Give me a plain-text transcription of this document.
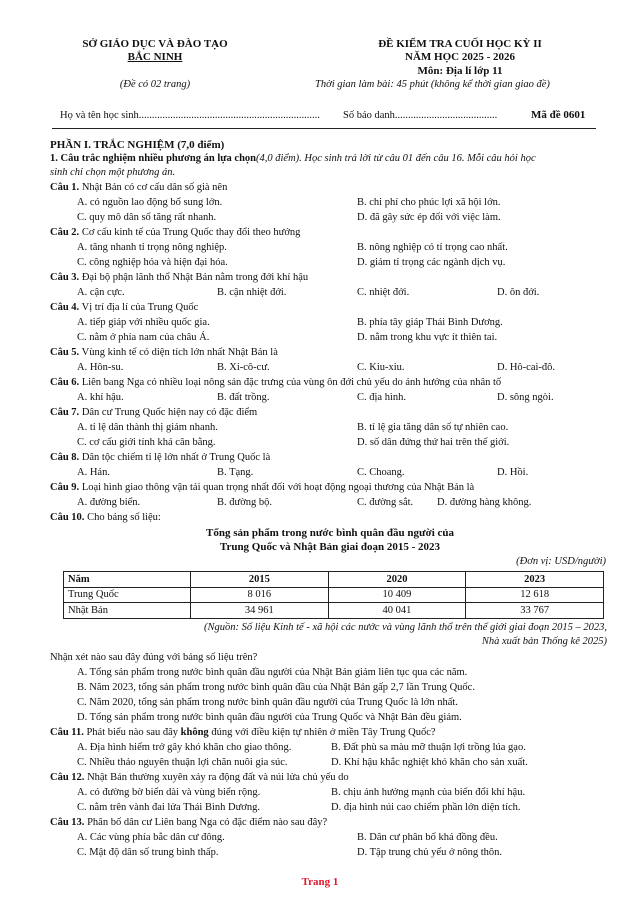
SỞ GIÁO DỤC VÀ ĐÀO TẠO
BẮC NINH
(Đề có 02 trang)
ĐỀ KIỂM TRA CUỐI HỌC KỲ II
NĂM HỌC 2025 - 2026
Môn: Địa lí lớp 11
Thời gian làm bài: 45 phút (không kể thời gian giao đề)
Họ và tên học sinh..................................................................... Số báo danh.......................................	Mã đề 0601
PHẦN I. TRẮC NGHIỆM (7,0 điểm)
1. Câu trắc nghiệm nhiều phương án lựa chọn(4,0 điểm). Học sinh trả lời từ câu 01 đến câu 16. Mỗi câu hỏi học
sinh chỉ chọn một phương án.
Câu 1. Nhật Bản có cơ cấu dân số già nên
A. có nguồn lao động bổ sung lớn.	B. chi phí cho phúc lợi xã hội lớn.
C. quy mô dân số tăng rất nhanh.	D. đã gây sức ép đối với việc làm.
Câu 2. Cơ cấu kinh tế của Trung Quốc thay đổi theo hướng
A. tăng nhanh tỉ trọng nông nghiệp.	B. nông nghiệp có tỉ trọng cao nhất.
C. công nghiệp hóa và hiện đại hóa.	D. giảm tỉ trọng các ngành dịch vụ.
Câu 3. Đại bộ phận lãnh thổ Nhật Bản nằm trong đới khí hậu
A. cận cực.	B. cận nhiệt đới.	C. nhiệt đới.	D. ôn đới.
Câu 4. Vị trí địa lí của Trung Quốc
A. tiếp giáp với nhiều quốc gia.	B. phía tây giáp Thái Bình Dương.
C. nằm ở phía nam của châu Á.	D. nằm trong khu vực ít thiên tai.
Câu 5. Vùng kinh tế có diện tích lớn nhất Nhật Bản là
A. Hôn-su.	B. Xi-cô-cư.	C. Kiu-xiu.	D. Hô-cai-đô.
Câu 6. Liên bang Nga có nhiều loại nông sản đặc trưng của vùng ôn đới chủ yếu do ảnh hưởng của nhân tố
A. khí hậu.	B. đất trồng.	C. địa hình.	D. sông ngòi.
Câu 7. Dân cư Trung Quốc hiện nay có đặc điểm
A. tỉ lệ dân thành thị giảm nhanh.	B. tỉ lệ gia tăng dân số tự nhiên cao.
C. cơ cấu giới tính khá cân bằng.	D. số dân đứng thứ hai trên thế giới.
Câu 8. Dân tộc chiếm tỉ lệ lớn nhất ở Trung Quốc là
A. Hán.	B. Tạng.	C. Choang.	D. Hồi.
Câu 9. Loại hình giao thông vận tải quan trọng nhất đối với hoạt động ngoại thương của Nhật Bản là
A. đường biển.	B. đường bộ.	C. đường sắt. D. đường hàng không.
Câu 10. Cho bảng số liệu:
Tổng sản phẩm trong nước bình quân đầu người của
Trung Quốc và Nhật Bản giai đoạn 2015 - 2023
(Đơn vị: USD/người)
Năm	2015	2020	2023
Trung Quốc	8 016	10 409	12 618
Nhật Bản	34 961	40 041	33 767
(Nguồn: Số liệu Kinh tế - xã hội các nước và vùng lãnh thổ trên thế giới giai đoạn 2015 – 2023,
Nhà xuất bản Thống kê 2025)
Nhận xét nào sau đây đúng với bảng số liệu trên?
A. Tổng sản phẩm trong nước bình quân đầu người của Nhật Bản giảm liên tục qua các năm.
B. Năm 2023, tổng sản phẩm trong nước bình quân đầu của Nhật Bản gấp 2,7 lần Trung Quốc.
C. Năm 2020, tổng sản phẩm trong nước bình quân đầu người của Trung Quốc là lớn nhất.
D. Tổng sản phẩm trong nước bình quân đầu người của Trung Quốc và Nhật Bản đều giảm.
Câu 11. Phát biểu nào sau đây không đúng với điều kiện tự nhiên ở miền Tây Trung Quốc?
A. Địa hình hiểm trở gây khó khăn cho giao thông.	B. Đất phù sa màu mỡ thuận lợi trồng lúa gạo.
C. Nhiều thảo nguyên thuận lợi chăn nuôi gia súc.	D. Khí hậu khắc nghiệt khó khăn cho sản xuất.
Câu 12. Nhật Bản thường xuyên xảy ra động đất và núi lửa chủ yếu do
A. có đường bờ biển dài và vùng biển rộng.	B. chịu ảnh hưởng mạnh của biến đổi khí hậu.
C. nằm trên vành đai lửa Thái Bình Dương.	D. địa hình núi cao chiếm phần lớn diện tích.
Câu 13. Phân bố dân cư Liên bang Nga có đặc điểm nào sau đây?
A. Các vùng phía bắc dân cư đông.	B. Dân cư phân bố khá đồng đều.
C. Mật độ dân số trung bình thấp.	D. Tập trung chủ yếu ở nông thôn.
Trang 1
